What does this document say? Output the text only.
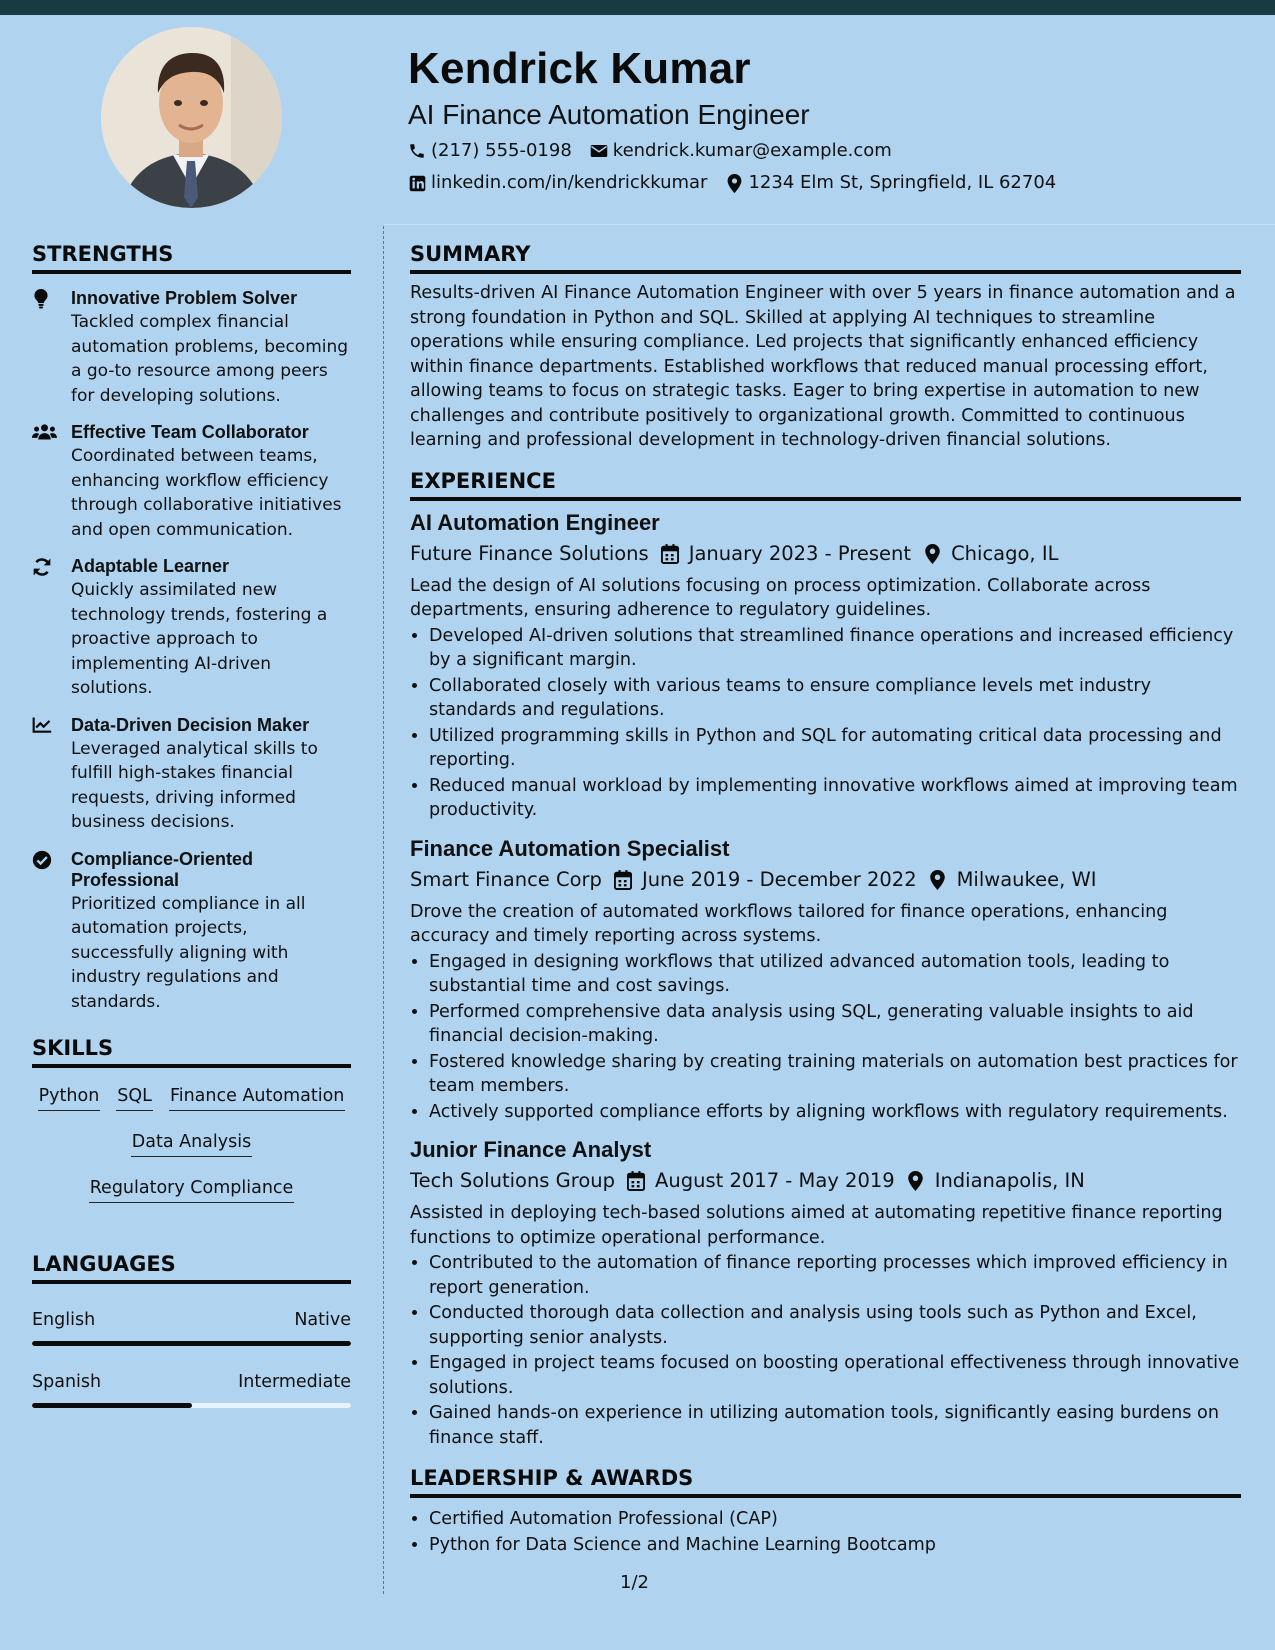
Kendrick Kumar
AI Finance Automation Engineer
(217) 555-0198 kendrick.kumar@example.com
linkedin.com/in/kendrickkumar 1234 Elm St, Springfield, IL 62704
STRENGTHS
Innovative Problem Solver
Tackled complex financial automation problems, becoming a go-to resource among peers for developing solutions.
Effective Team Collaborator
Coordinated between teams, enhancing workflow efficiency through collaborative initiatives and open communication.
Adaptable Learner
Quickly assimilated new technology trends, fostering a proactive approach to implementing AI-driven solutions.
Data-Driven Decision Maker
Leveraged analytical skills to fulfill high-stakes financial requests, driving informed business decisions.
Compliance-Oriented Professional
Prioritized compliance in all automation projects, successfully aligning with industry regulations and standards.
SKILLS
Python SQL Finance Automation
Data Analysis
Regulatory Compliance
LANGUAGES
English	Native
Spanish	Intermediate
SUMMARY
Results-driven AI Finance Automation Engineer with over 5 years in finance automation and a strong foundation in Python and SQL. Skilled at applying AI techniques to streamline operations while ensuring compliance. Led projects that significantly enhanced efficiency within finance departments. Established workflows that reduced manual processing effort, allowing teams to focus on strategic tasks. Eager to bring expertise in automation to new challenges and contribute positively to organizational growth. Committed to continuous learning and professional development in technology-driven financial solutions.
EXPERIENCE
AI Automation Engineer
Future Finance Solutions January 2023 - Present Chicago, IL
Lead the design of AI solutions focusing on process optimization. Collaborate across departments, ensuring adherence to regulatory guidelines.
• Developed AI-driven solutions that streamlined finance operations and increased efficiency by a significant margin.
• Collaborated closely with various teams to ensure compliance levels met industry standards and regulations.
• Utilized programming skills in Python and SQL for automating critical data processing and reporting.
• Reduced manual workload by implementing innovative workflows aimed at improving team productivity.
Finance Automation Specialist
Smart Finance Corp June 2019 - December 2022 Milwaukee, WI
Drove the creation of automated workflows tailored for finance operations, enhancing accuracy and timely reporting across systems.
• Engaged in designing workflows that utilized advanced automation tools, leading to substantial time and cost savings.
• Performed comprehensive data analysis using SQL, generating valuable insights to aid financial decision-making.
• Fostered knowledge sharing by creating training materials on automation best practices for team members.
• Actively supported compliance efforts by aligning workflows with regulatory requirements.
Junior Finance Analyst
Tech Solutions Group August 2017 - May 2019 Indianapolis, IN
Assisted in deploying tech-based solutions aimed at automating repetitive finance reporting functions to optimize operational performance.
• Contributed to the automation of finance reporting processes which improved efficiency in report generation.
• Conducted thorough data collection and analysis using tools such as Python and Excel, supporting senior analysts.
• Engaged in project teams focused on boosting operational effectiveness through innovative solutions.
• Gained hands-on experience in utilizing automation tools, significantly easing burdens on finance staff.
LEADERSHIP & AWARDS
• Certified Automation Professional (CAP)
• Python for Data Science and Machine Learning Bootcamp
1/2
